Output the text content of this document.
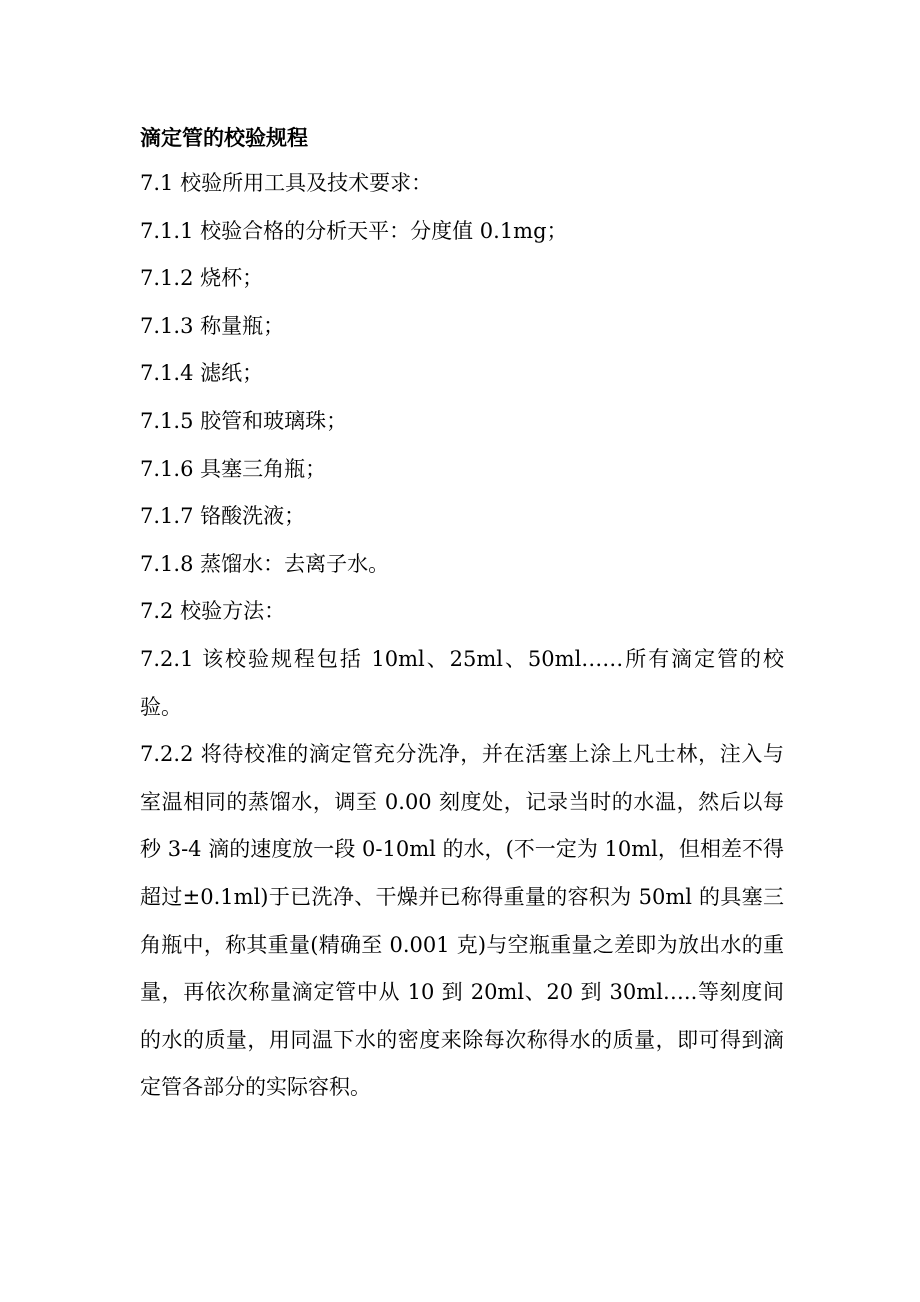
滴定管的校验规程

7.1 校验所用工具及技术要求：

7.1.1 校验合格的分析天平：分度值 0.1mg；

7.1.2 烧杯；

7.1.3 称量瓶；

7.1.4 滤纸；

7.1.5 胶管和玻璃珠；

7.1.6 具塞三角瓶；

7.1.7 铬酸洗液；

7.1.8 蒸馏水：去离子水。

7.2 校验方法：

7.2.1 该校验规程包括 10ml、25ml、50ml……所有滴定管的校验。

7.2.2 将待校准的滴定管充分洗净，并在活塞上涂上凡士林，注入与室温相同的蒸馏水，调至 0.00 刻度处，记录当时的水温，然后以每秒 3-4 滴的速度放一段 0-10ml 的水，(不一定为 10ml，但相差不得超过±0.1ml)于已洗净、干燥并已称得重量的容积为 50ml 的具塞三角瓶中，称其重量(精确至 0.001 克)与空瓶重量之差即为放出水的重量，再依次称量滴定管中从 10 到 20ml、20 到 30ml…..等刻度间的水的质量，用同温下水的密度来除每次称得水的质量，即可得到滴定管各部分的实际容积。
